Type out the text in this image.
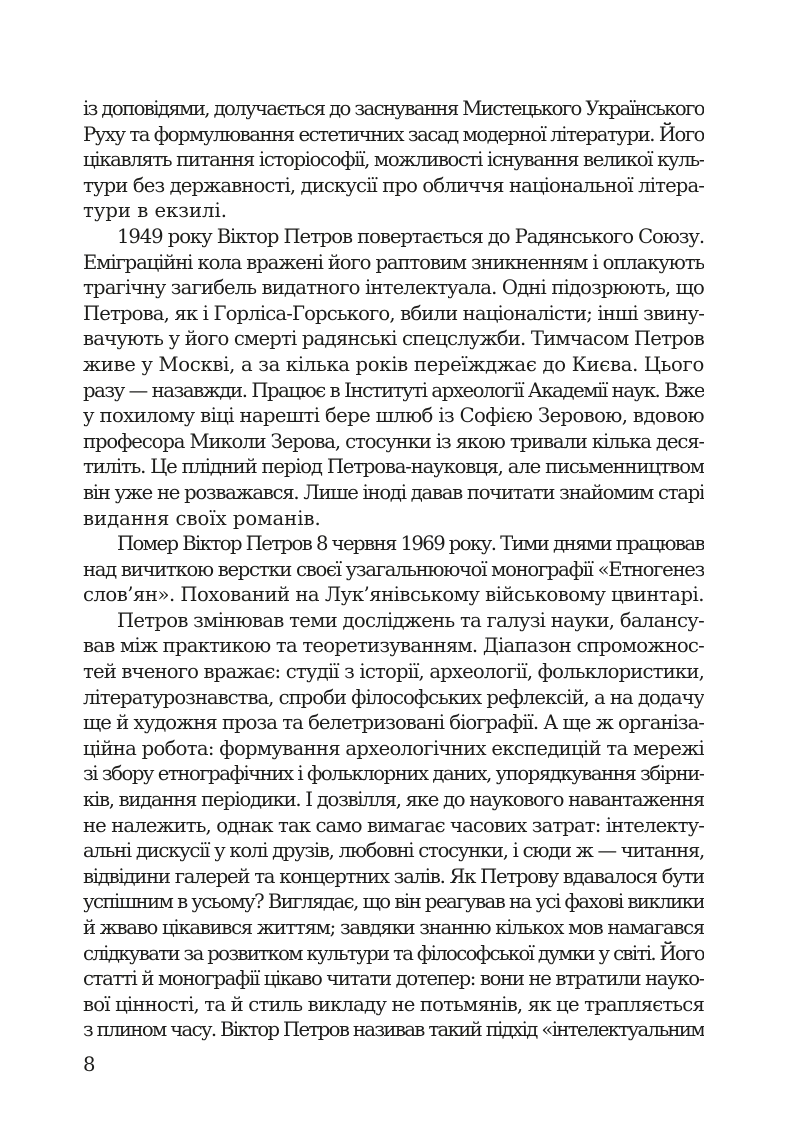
із доповідями, долучається до заснування Мистецького Українського
Руху та формулювання естетичних засад модерної літератури. Його
цікавлять питання історіософії, можливості існування великої куль-
тури без державності, дискусії про обличчя національної літера-
тури в екзилі.
1949 року Віктор Петров повертається до Радянського Союзу.
Еміграційні кола вражені його раптовим зникненням і оплакують
трагічну загибель видатного інтелектуала. Одні підозрюють, що
Петрова, як і Горліса-Горського, вбили націоналісти; інші звину-
вачують у його смерті радянські спецслужби. Тимчасом Петров
живе у Москві, а за кілька років переїжджає до Києва. Цього
разу — назавжди. Працює в Інституті археології Академії наук. Вже
у похилому віці нарешті бере шлюб із Софією Зеровою, вдовою
професора Миколи Зерова, стосунки із якою тривали кілька деся-
тиліть. Це плідний період Петрова-науковця, але письменництвом
він уже не розважався. Лише іноді давав почитати знайомим старі
видання своїх романів.
Помер Віктор Петров 8 червня 1969 року. Тими днями працював
над вичиткою верстки своєї узагальнюючої монографії «Етногенез
слов’ян». Похований на Лук’янівському військовому цвинтарі.
Петров змінював теми досліджень та галузі науки, балансу-
вав між практикою та теоретизуванням. Діапазон спроможнос-
тей вченого вражає: студії з історії, археології, фольклористики,
літературознавства, спроби філософських рефлексій, а на додачу
ще й художня проза та белетризовані біографії. А ще ж організа-
ційна робота: формування археологічних експедицій та мережі
зі збору етнографічних і фольклорних даних, упорядкування збірни-
ків, видання періодики. І дозвілля, яке до наукового навантаження
не належить, однак так само вимагає часових затрат: інтелекту-
альні дискусії у колі друзів, любовні стосунки, і сюди ж — читання,
відвідини галерей та концертних залів. Як Петрову вдавалося бути
успішним в усьому? Виглядає, що він реагував на усі фахові виклики
й жваво цікавився життям; завдяки знанню кількох мов намагався
слідкувати за розвитком культури та філософської думки у світі. Його
статті й монографії цікаво читати дотепер: вони не втратили науко-
вої цінності, та й стиль викладу не потьмянів, як це трапляється
з плином часу. Віктор Петров називав такий підхід «інтелектуальним
8
